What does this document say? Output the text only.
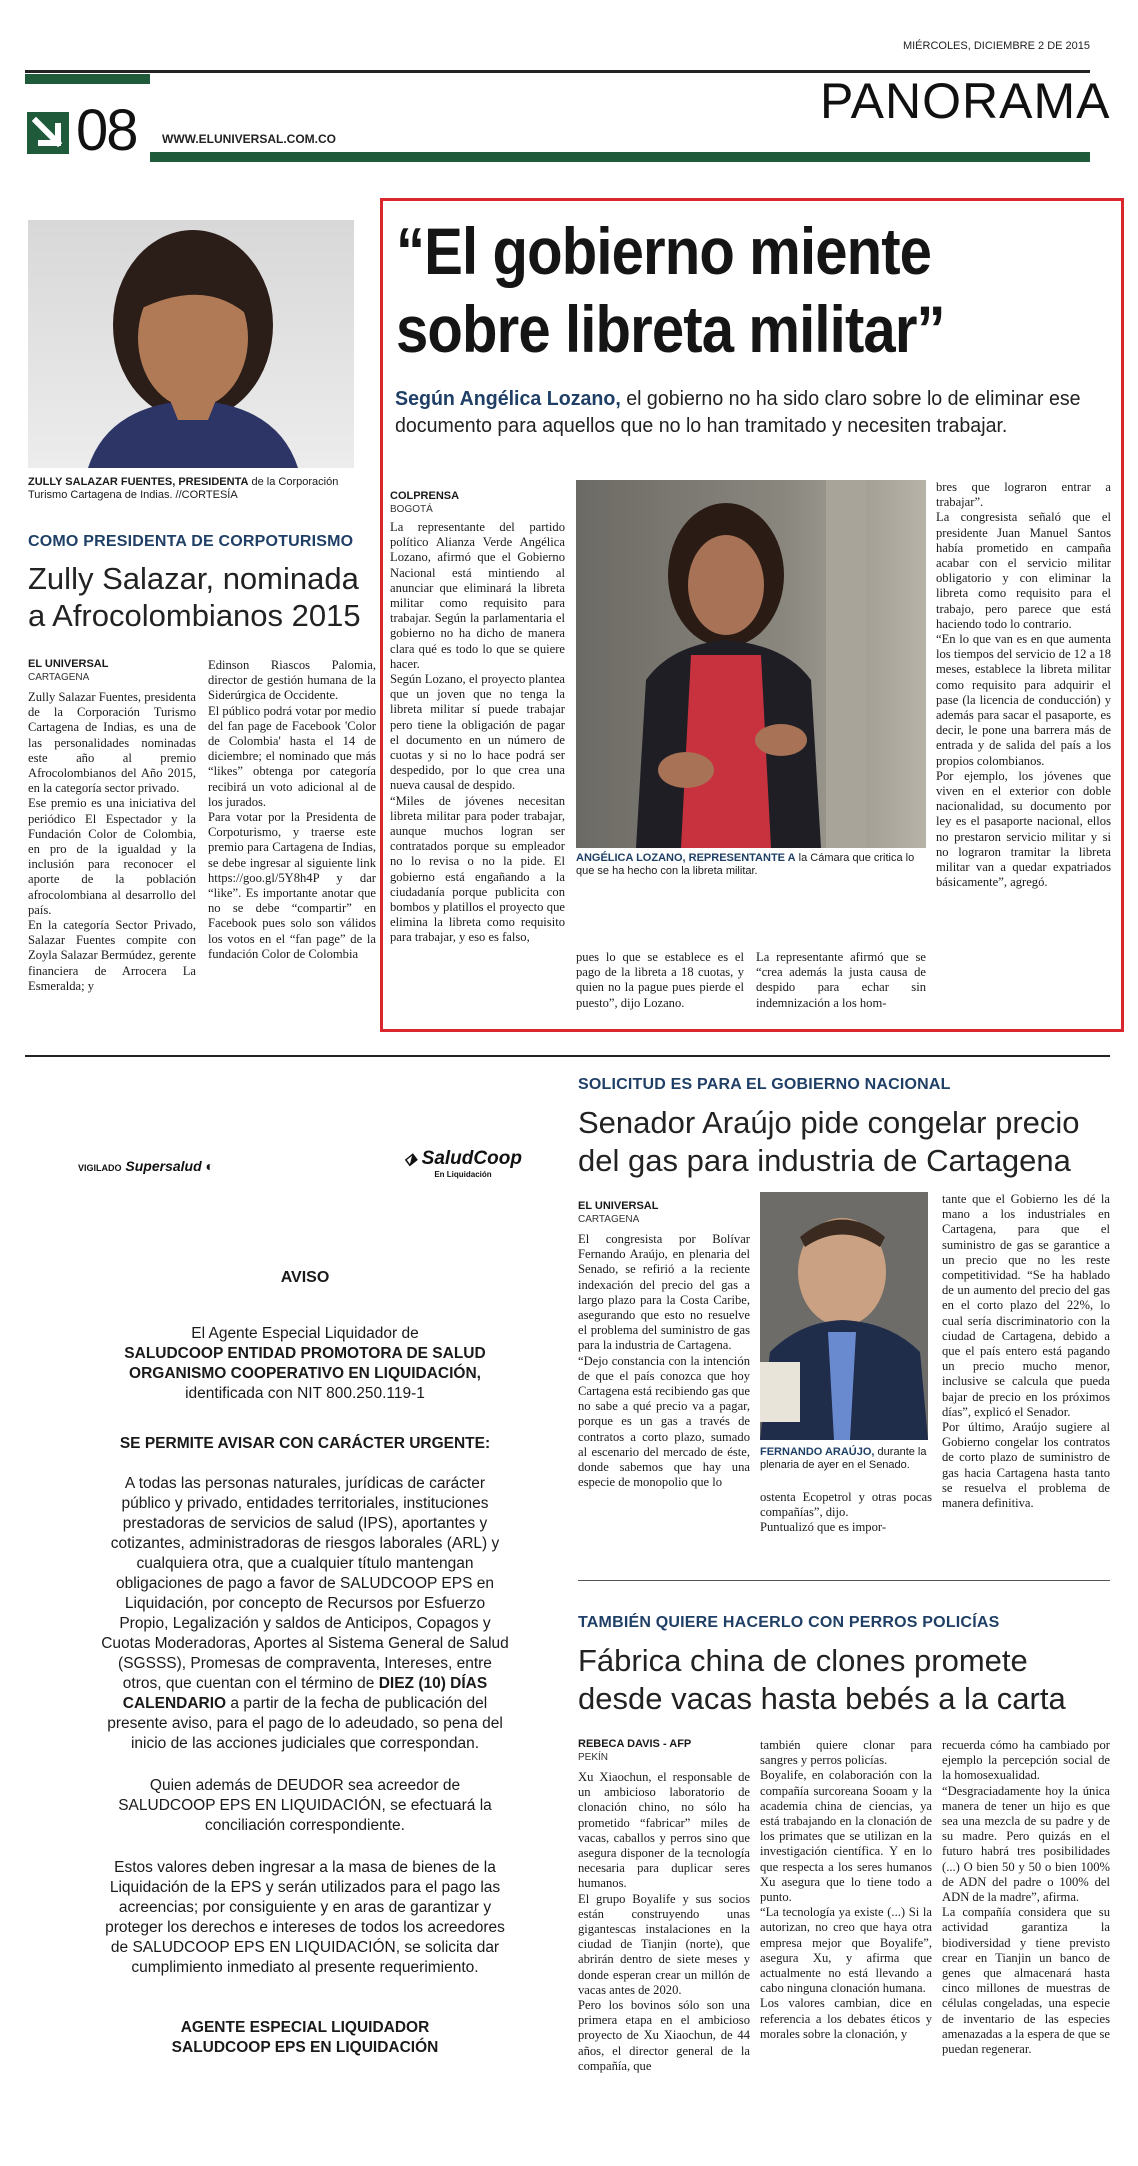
MIÉRCOLES, DICIEMBRE 2 DE 2015
PANORAMA
08 WWW.ELUNIVERSAL.COM.CO
ZULLY SALAZAR FUENTES, PRESIDENTA de la Corporación Turismo Cartagena de Indias. //CORTESÍA
COMO PRESIDENTA DE CORPOTURISMO
Zully Salazar, nominada a Afrocolombianos 2015
EL UNIVERSAL
CARTAGENA
Zully Salazar Fuentes, presidenta de la Corporación Turismo Cartagena de Indias, es una de las personalidades nominadas este año al premio Afrocolombianos del Año 2015, en la categoría sector privado.
Ese premio es una iniciativa del periódico El Espectador y la Fundación Color de Colombia, en pro de la igualdad y la inclusión para reconocer el aporte de la población afrocolombiana al desarrollo del país.
En la categoría Sector Privado, Salazar Fuentes compite con Zoyla Salazar Bermúdez, gerente financiera de Arrocera La Esmeralda; y
Edinson Riascos Palomia, director de gestión humana de la Siderúrgica de Occidente.
El público podrá votar por medio del fan page de Facebook 'Color de Colombia' hasta el 14 de diciembre; el nominado que más “likes” obtenga por categoría recibirá un voto adicional al de los jurados.
Para votar por la Presidenta de Corpoturismo, y traerse este premio para Cartagena de Indias, se debe ingresar al siguiente link https://goo.gl/5Y8h4P y dar “like”. Es importante anotar que no se debe “compartir” en Facebook pues solo son válidos los votos en el “fan page” de la fundación Color de Colombia
“El gobierno miente
sobre libreta militar”
Según Angélica Lozano, el gobierno no ha sido claro sobre lo de eliminar ese documento para aquellos que no lo han tramitado y necesiten trabajar.
COLPRENSA
BOGOTÁ
La representante del partido político Alianza Verde Angélica Lozano, afirmó que el Gobierno Nacional está mintiendo al anunciar que eliminará la libreta militar como requisito para trabajar. Según la parlamentaria el gobierno no ha dicho de manera clara qué es todo lo que se quiere hacer.
Según Lozano, el proyecto plantea que un joven que no tenga la libreta militar sí puede trabajar pero tiene la obligación de pagar el documento en un número de cuotas y si no lo hace podrá ser despedido, por lo que crea una nueva causal de despido.
“Miles de jóvenes necesitan libreta militar para poder trabajar, aunque muchos logran ser contratados porque su empleador no lo revisa o no la pide. El gobierno está engañando a la ciudadanía porque publicita con bombos y platillos el proyecto que elimina la libreta como requisito para trabajar, y eso es falso,
ANGÉLICA LOZANO, REPRESENTANTE A la Cámara que critica lo que se ha hecho con la libreta militar.
pues lo que se establece es el pago de la libreta a 18 cuotas, y quien no la pague pues pierde el puesto”, dijo Lozano.
La representante afirmó que se “crea además la justa causa de despido para echar sin indemnización a los hom-
bres que lograron entrar a trabajar”.
La congresista señaló que el presidente Juan Manuel Santos había prometido en campaña acabar con el servicio militar obligatorio y con eliminar la libreta como requisito para el trabajo, pero parece que está haciendo todo lo contrario.
“En lo que van es en que aumenta los tiempos del servicio de 12 a 18 meses, establece la libreta militar como requisito para adquirir el pase (la licencia de conducción) y además para sacar el pasaporte, es decir, le pone una barrera más de entrada y de salida del país a los propios colombianos.
Por ejemplo, los jóvenes que viven en el exterior con doble nacionalidad, su documento por ley es el pasaporte nacional, ellos no prestaron servicio militar y si no lograron tramitar la libreta militar van a quedar expatriados básicamente”, agregó.
VIGILADO Supersalud ◐	⬗ SaludCoop
En Liquidación

AVISO

El Agente Especial Liquidador de
SALUDCOOP ENTIDAD PROMOTORA DE SALUD ORGANISMO COOPERATIVO EN LIQUIDACIÓN,
identificada con NIT 800.250.119-1

SE PERMITE AVISAR CON CARÁCTER URGENTE:

A todas las personas naturales, jurídicas de carácter público y privado, entidades territoriales, instituciones prestadoras de servicios de salud (IPS), aportantes y cotizantes, administradoras de riesgos laborales (ARL) y cualquiera otra, que a cualquier título mantengan obligaciones de pago a favor de SALUDCOOP EPS en Liquidación, por concepto de Recursos por Esfuerzo Propio, Legalización y saldos de Anticipos, Copagos y Cuotas Moderadoras, Aportes al Sistema General de Salud (SGSSS), Promesas de compraventa, Intereses, entre otros, que cuentan con el término de DIEZ (10) DÍAS CALENDARIO a partir de la fecha de publicación del presente aviso, para el pago de lo adeudado, so pena del inicio de las acciones judiciales que correspondan.

Quien además de DEUDOR sea acreedor de SALUDCOOP EPS EN LIQUIDACIÓN, se efectuará la conciliación correspondiente.

Estos valores deben ingresar a la masa de bienes de la Liquidación de la EPS y serán utilizados para el pago las acreencias; por consiguiente y en aras de garantizar y proteger los derechos e intereses de todos los acreedores de SALUDCOOP EPS EN LIQUIDACIÓN, se solicita dar cumplimiento inmediato al presente requerimiento.

AGENTE ESPECIAL LIQUIDADOR

SALUDCOOP EPS EN LIQUIDACIÓN

SOLICITUD ES PARA EL GOBIERNO NACIONAL
Senador Araújo pide congelar precio del gas para industria de Cartagena
EL UNIVERSAL
CARTAGENA
El congresista por Bolívar Fernando Araújo, en plenaria del Senado, se refirió a la reciente indexación del precio del gas a largo plazo para la Costa Caribe, asegurando que esto no resuelve el problema del suministro de gas para la industria de Cartagena.
“Dejo constancia con la intención de que el país conozca que hoy Cartagena está recibiendo gas que no sabe a qué precio va a pagar, porque es un gas a través de contratos a corto plazo, sumado al escenario del mercado de éste, donde sabemos que hay una especie de monopolio que lo
FERNANDO ARAÚJO, durante la plenaria de ayer en el Senado.
ostenta Ecopetrol y otras pocas compañías”, dijo.
Puntualizó que es impor-
tante que el Gobierno les dé la mano a los industriales en Cartagena, para que el suministro de gas se garantice a un precio que no les reste competitividad. “Se ha hablado de un aumento del precio del gas en el corto plazo del 22%, lo cual sería discriminatorio con la ciudad de Cartagena, debido a que el país entero está pagando un precio mucho menor, inclusive se calcula que pueda bajar de precio en los próximos días”, explicó el Senador.
Por último, Araújo sugiere al Gobierno congelar los contratos de corto plazo de suministro de gas hacia Cartagena hasta tanto se resuelva el problema de manera definitiva.
TAMBIÉN QUIERE HACERLO CON PERROS POLICÍAS
Fábrica china de clones promete desde vacas hasta bebés a la carta
REBECA DAVIS - AFP
PEKÍN
Xu Xiaochun, el responsable de un ambicioso laboratorio de clonación chino, no sólo ha prometido “fabricar” miles de vacas, caballos y perros sino que asegura disponer de la tecnología necesaria para duplicar seres humanos.
El grupo Boyalife y sus socios están construyendo unas gigantescas instalaciones en la ciudad de Tianjin (norte), que abrirán dentro de siete meses y donde esperan crear un millón de vacas antes de 2020.
Pero los bovinos sólo son una primera etapa en el ambicioso proyecto de Xu Xiaochun, de 44 años, el director general de la compañía, que
también quiere clonar para sangres y perros policías.
Boyalife, en colaboración con la compañía surcoreana Sooam y la academia china de ciencias, ya está trabajando en la clonación de los primates que se utilizan en la investigación científica. Y en lo que respecta a los seres humanos Xu asegura que lo tiene todo a punto.
“La tecnología ya existe (...) Si la autorizan, no creo que haya otra empresa mejor que Boyalife”, asegura Xu, y afirma que actualmente no está llevando a cabo ninguna clonación humana.
Los valores cambian, dice en referencia a los debates éticos y morales sobre la clonación, y
recuerda cómo ha cambiado por ejemplo la percepción social de la homosexualidad.
“Desgraciadamente hoy la única manera de tener un hijo es que sea una mezcla de su padre y de su madre. Pero quizás en el futuro habrá tres posibilidades (...) O bien 50 y 50 o bien 100% de ADN del padre o 100% del ADN de la madre”, afirma.
La compañía considera que su actividad garantiza la biodiversidad y tiene previsto crear en Tianjin un banco de genes que almacenará hasta cinco millones de muestras de células congeladas, una especie de inventario de las especies amenazadas a la espera de que se puedan regenerar.
